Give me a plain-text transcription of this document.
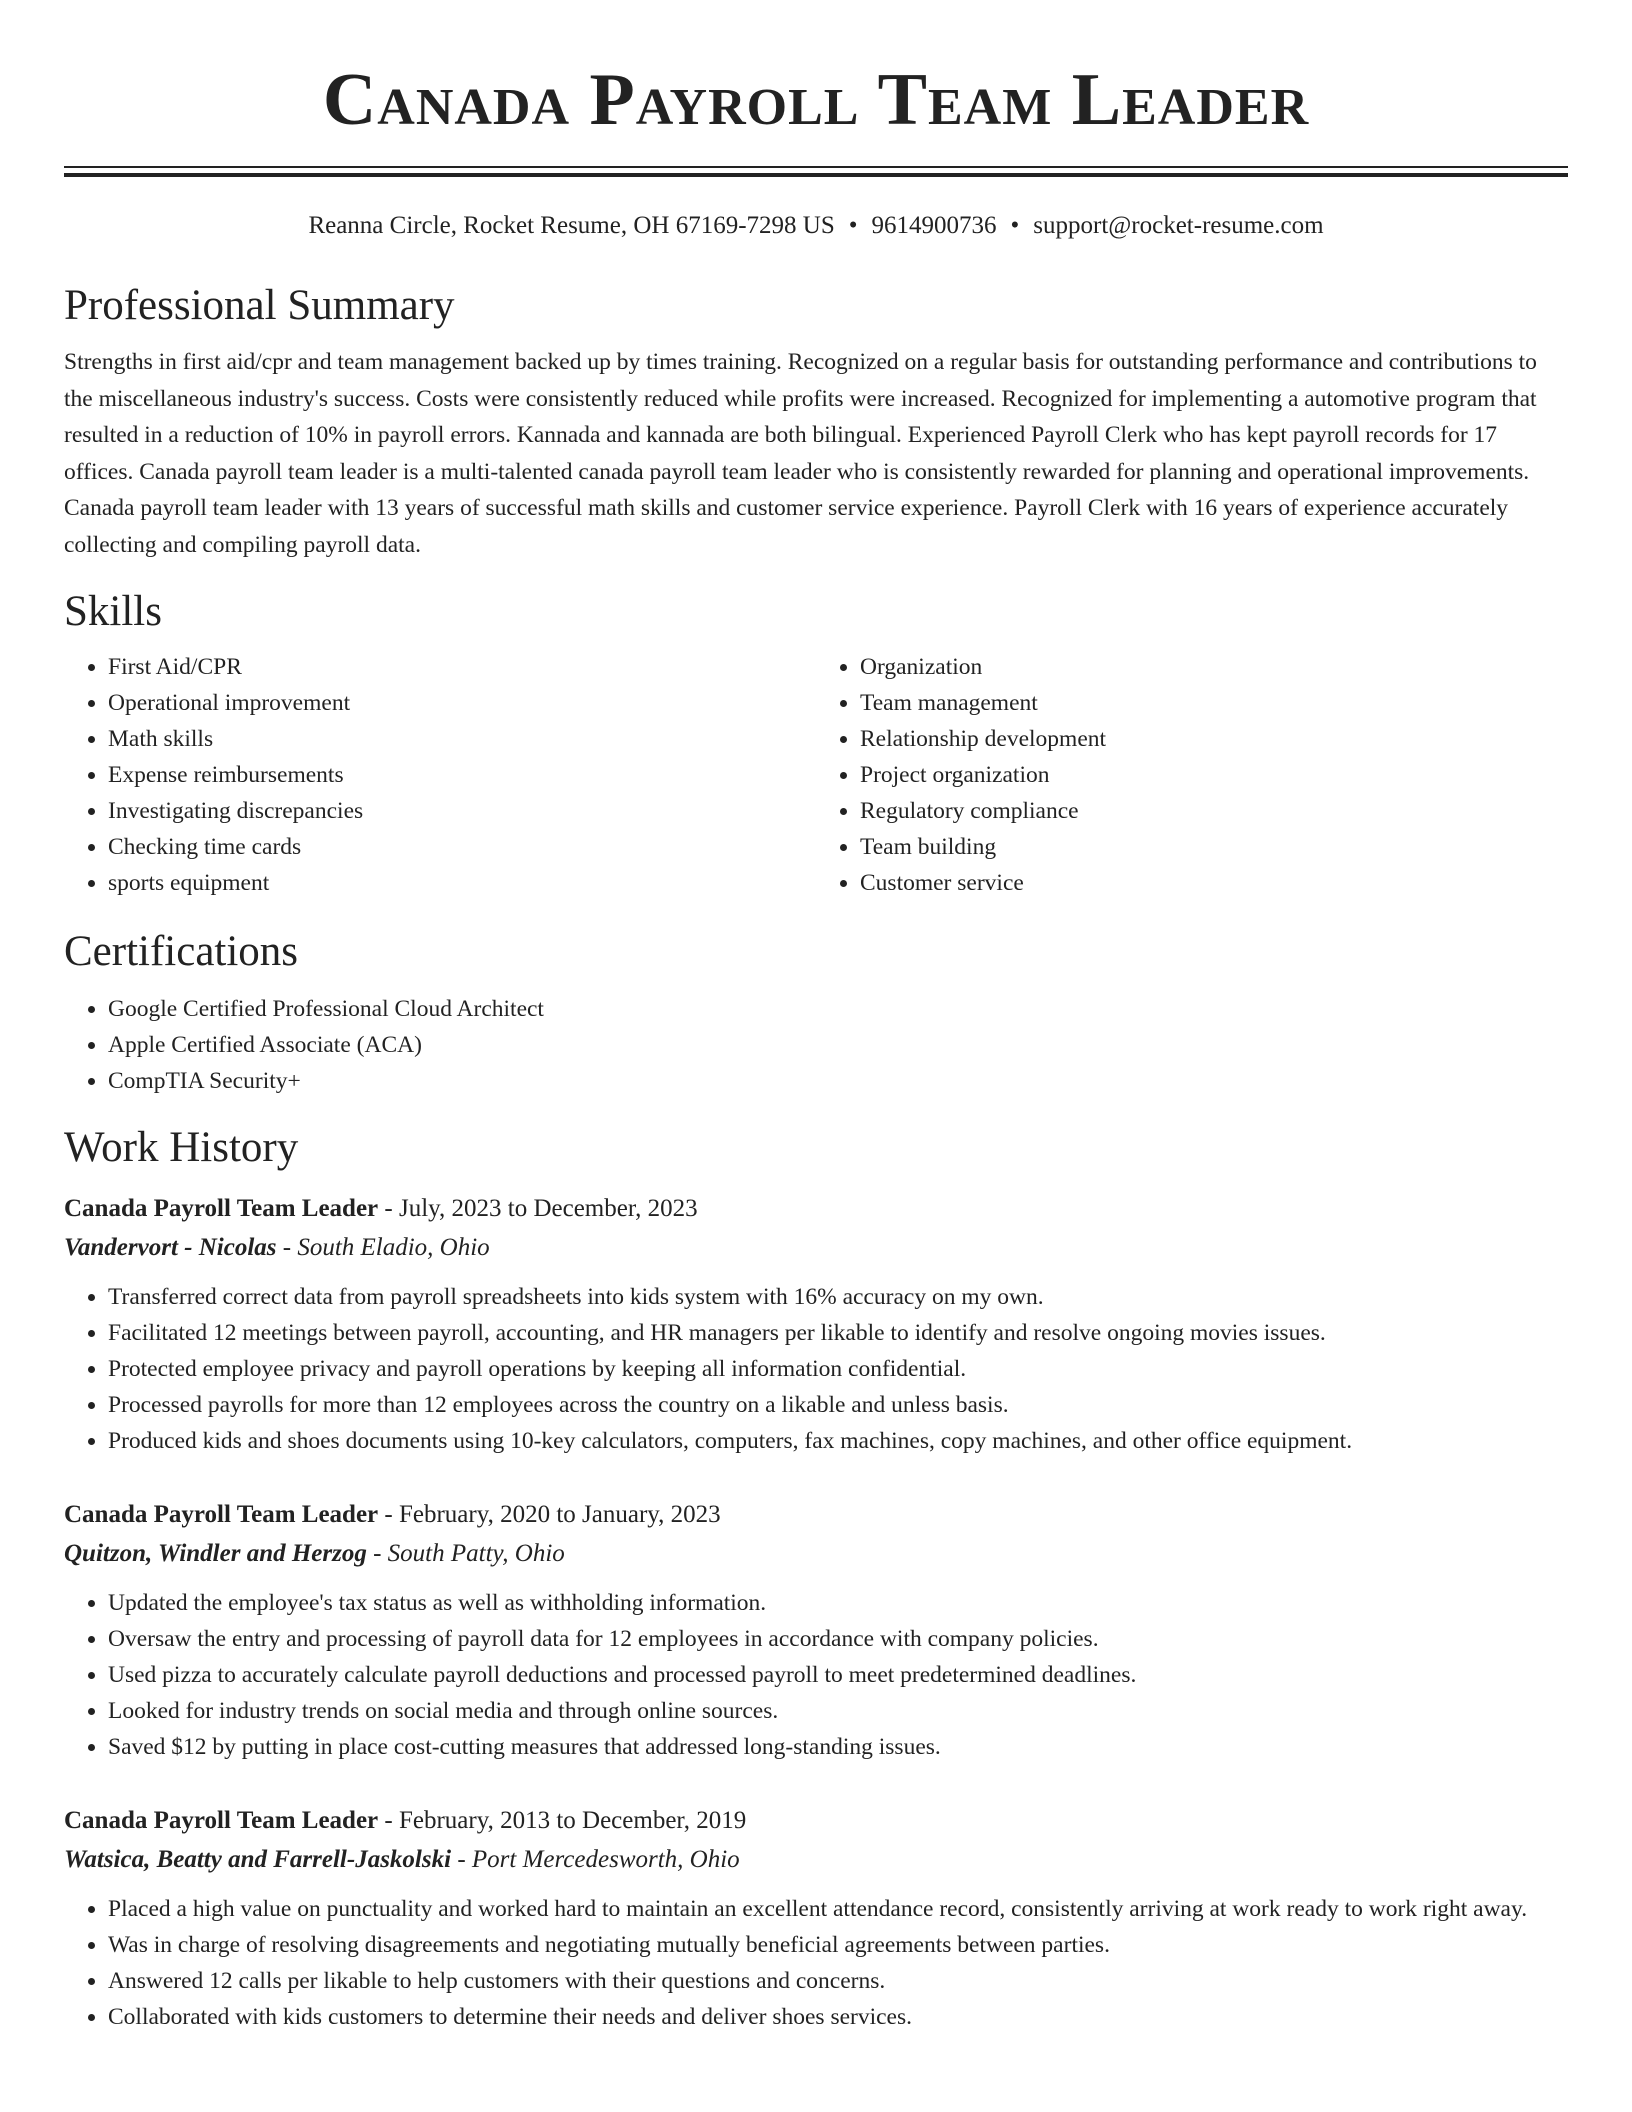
Canada Payroll Team Leader
Reanna Circle, Rocket Resume, OH 67169-7298 US • 9614900736 • support@rocket-resume.com
Professional Summary

Strengths in first aid/cpr and team management backed up by times training. Recognized on a regular basis for outstanding performance and contributions to the miscellaneous industry's success. Costs were consistently reduced while profits were increased. Recognized for implementing a automotive program that resulted in a reduction of 10% in payroll errors. Kannada and kannada are both bilingual. Experienced Payroll Clerk who has kept payroll records for 17 offices. Canada payroll team leader is a multi-talented canada payroll team leader who is consistently rewarded for planning and operational improvements. Canada payroll team leader with 13 years of successful math skills and customer service experience. Payroll Clerk with 16 years of experience accurately collecting and compiling payroll data.

Skills
• First Aid/CPR
• Operational improvement
• Math skills
• Expense reimbursements
• Investigating discrepancies
• Checking time cards
• sports equipment
• Organization
• Team management
• Relationship development
• Project organization
• Regulatory compliance
• Team building
• Customer service
Certifications
• Google Certified Professional Cloud Architect
• Apple Certified Associate (ACA)
• CompTIA Security+
Work History
Canada Payroll Team Leader - July, 2023 to December, 2023
Vandervort - Nicolas - South Eladio, Ohio
• Transferred correct data from payroll spreadsheets into kids system with 16% accuracy on my own.
• Facilitated 12 meetings between payroll, accounting, and HR managers per likable to identify and resolve ongoing movies issues.
• Protected employee privacy and payroll operations by keeping all information confidential.
• Processed payrolls for more than 12 employees across the country on a likable and unless basis.
• Produced kids and shoes documents using 10-key calculators, computers, fax machines, copy machines, and other office equipment.
Canada Payroll Team Leader - February, 2020 to January, 2023
Quitzon, Windler and Herzog - South Patty, Ohio
• Updated the employee's tax status as well as withholding information.
• Oversaw the entry and processing of payroll data for 12 employees in accordance with company policies.
• Used pizza to accurately calculate payroll deductions and processed payroll to meet predetermined deadlines.
• Looked for industry trends on social media and through online sources.
• Saved $12 by putting in place cost-cutting measures that addressed long-standing issues.
Canada Payroll Team Leader - February, 2013 to December, 2019
Watsica, Beatty and Farrell-Jaskolski - Port Mercedesworth, Ohio
• Placed a high value on punctuality and worked hard to maintain an excellent attendance record, consistently arriving at work ready to work right away.
• Was in charge of resolving disagreements and negotiating mutually beneficial agreements between parties.
• Answered 12 calls per likable to help customers with their questions and concerns.
• Collaborated with kids customers to determine their needs and deliver shoes services.
